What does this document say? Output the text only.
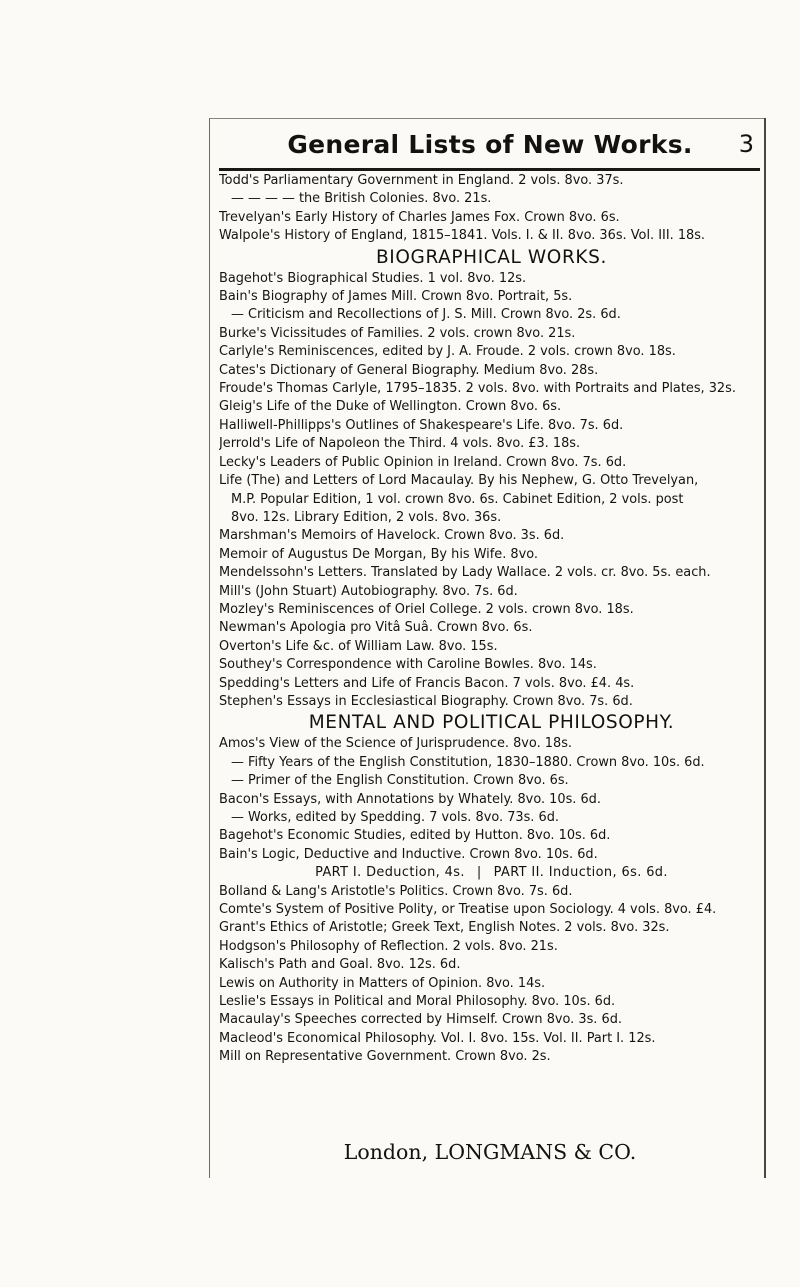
General Lists of New Works.	3
Todd's Parliamentary Government in England. 2 vols. 8vo. 37s.
— — — — the British Colonies. 8vo. 21s.
Trevelyan's Early History of Charles James Fox. Crown 8vo. 6s.
Walpole's History of England, 1815–1841. Vols. I. & II. 8vo. 36s. Vol. III. 18s.
BIOGRAPHICAL WORKS.
Bagehot's Biographical Studies. 1 vol. 8vo. 12s.
Bain's Biography of James Mill. Crown 8vo. Portrait, 5s.
— Criticism and Recollections of J. S. Mill. Crown 8vo. 2s. 6d.
Burke's Vicissitudes of Families. 2 vols. crown 8vo. 21s.
Carlyle's Reminiscences, edited by J. A. Froude. 2 vols. crown 8vo. 18s.
Cates's Dictionary of General Biography. Medium 8vo. 28s.
Froude's Thomas Carlyle, 1795–1835. 2 vols. 8vo. with Portraits and Plates, 32s.
Gleig's Life of the Duke of Wellington. Crown 8vo. 6s.
Halliwell-Phillipps's Outlines of Shakespeare's Life. 8vo. 7s. 6d.
Jerrold's Life of Napoleon the Third. 4 vols. 8vo. £3. 18s.
Lecky's Leaders of Public Opinion in Ireland. Crown 8vo. 7s. 6d.
Life (The) and Letters of Lord Macaulay. By his Nephew, G. Otto Trevelyan,
M.P. Popular Edition, 1 vol. crown 8vo. 6s. Cabinet Edition, 2 vols. post
8vo. 12s. Library Edition, 2 vols. 8vo. 36s.
Marshman's Memoirs of Havelock. Crown 8vo. 3s. 6d.
Memoir of Augustus De Morgan, By his Wife. 8vo.
Mendelssohn's Letters. Translated by Lady Wallace. 2 vols. cr. 8vo. 5s. each.
Mill's (John Stuart) Autobiography. 8vo. 7s. 6d.
Mozley's Reminiscences of Oriel College. 2 vols. crown 8vo. 18s.
Newman's Apologia pro Vitâ Suâ. Crown 8vo. 6s.
Overton's Life &c. of William Law. 8vo. 15s.
Southey's Correspondence with Caroline Bowles. 8vo. 14s.
Spedding's Letters and Life of Francis Bacon. 7 vols. 8vo. £4. 4s.
Stephen's Essays in Ecclesiastical Biography. Crown 8vo. 7s. 6d.
MENTAL AND POLITICAL PHILOSOPHY.
Amos's View of the Science of Jurisprudence. 8vo. 18s.
— Fifty Years of the English Constitution, 1830–1880. Crown 8vo. 10s. 6d.
— Primer of the English Constitution. Crown 8vo. 6s.
Bacon's Essays, with Annotations by Whately. 8vo. 10s. 6d.
— Works, edited by Spedding. 7 vols. 8vo. 73s. 6d.
Bagehot's Economic Studies, edited by Hutton. 8vo. 10s. 6d.
Bain's Logic, Deductive and Inductive. Crown 8vo. 10s. 6d.
PART I. Deduction, 4s. | PART II. Induction, 6s. 6d.
Bolland & Lang's Aristotle's Politics. Crown 8vo. 7s. 6d.
Comte's System of Positive Polity, or Treatise upon Sociology. 4 vols. 8vo. £4.
Grant's Ethics of Aristotle; Greek Text, English Notes. 2 vols. 8vo. 32s.
Hodgson's Philosophy of Reflection. 2 vols. 8vo. 21s.
Kalisch's Path and Goal. 8vo. 12s. 6d.
Lewis on Authority in Matters of Opinion. 8vo. 14s.
Leslie's Essays in Political and Moral Philosophy. 8vo. 10s. 6d.
Macaulay's Speeches corrected by Himself. Crown 8vo. 3s. 6d.
Macleod's Economical Philosophy. Vol. I. 8vo. 15s. Vol. II. Part I. 12s.
Mill on Representative Government. Crown 8vo. 2s.
London, LONGMANS & CO.
